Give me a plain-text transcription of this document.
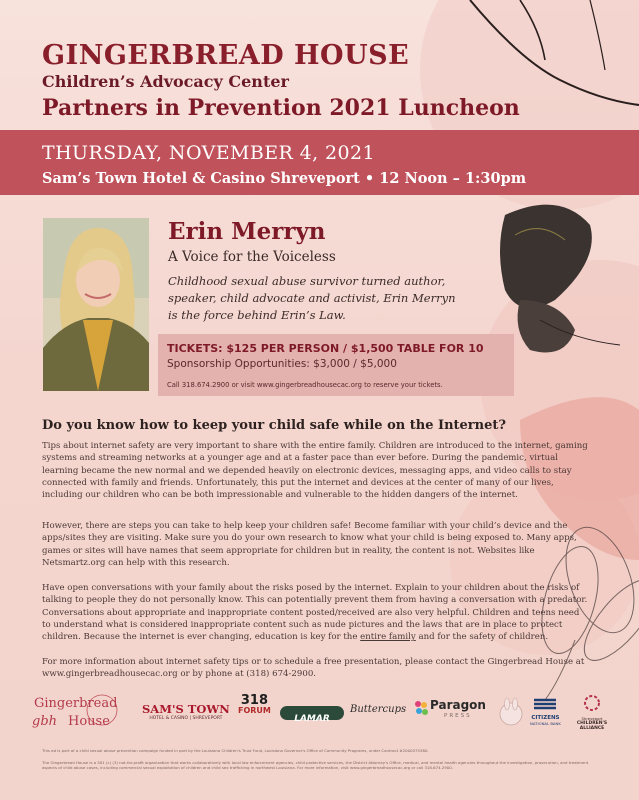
GINGERBREAD HOUSE
Children’s Advocacy Center
Partners in Prevention 2021 Luncheon
THURSDAY, NOVEMBER 4, 2021
Sam’s Town Hotel & Casino Shreveport • 12 Noon – 1:30pm
Erin Merryn
A Voice for the Voiceless
Childhood sexual abuse survivor turned author, speaker, child advocate and activist, Erin Merryn is the force behind Erin’s Law.
TICKETS: $125 PER PERSON / $1,500 TABLE FOR 10
Sponsorship Opportunities: $3,000 / $5,000
Call 318.674.2900 or visit www.gingerbreadhousecac.org to reserve your tickets.
Do you know how to keep your child safe while on the Internet?
Tips about internet safety are very important to share with the entire family. Children are introduced to the internet, gaming systems and streaming networks at a younger age and at a faster pace than ever before. During the pandemic, virtual learning became the new normal and we depended heavily on electronic devices, messaging apps, and video calls to stay connected with family and friends. Unfortunately, this put the internet and devices at the center of many of our lives, including our children who can be both impressionable and vulnerable to the hidden dangers of the internet.
However, there are steps you can take to help keep your children safe! Become familiar with your child’s device and the apps/sites they are visiting. Make sure you do your own research to know what your child is being exposed to. Many apps, games or sites will have names that seem appropriate for children but in reality, the content is not. Websites like Netsmartz.org can help with this research.
Have open conversations with your family about the risks posed by the internet. Explain to your children about the risks of talking to people they do not personally know. This can potentially prevent them from having a conversation with a predator. Conversations about appropriate and inappropriate content posted/received are also very helpful. Children and teens need to understand what is considered inappropriate content such as nude pictures and the laws that are in place to protect children. Because the internet is ever changing, education is key for the entire family and for the safety of children.
For more information about internet safety tips or to schedule a free presentation, please contact the Gingerbread House at www.gingerbreadhousecac.org or by phone at (318) 674-2900.
Gingerbread
gbh House
SAM'S TOWN
HOTEL & CASINO | SHREVEPORT
318
FORUM
LAMAR
Buttercups Paragon
PRESS	CITIZENS
NATIONAL BANK
Shreveport
CHILDREN'S
ALLIANCE
This ad is part of a child sexual abuse prevention campaign funded in part by the Louisiana Children's Trust Fund, Louisiana Governor's Office of Community Programs, under Contract #2000575380.
The Gingerbread House is a 501 (c) (3) not-for-profit organization that works collaboratively with local law enforcement agencies, child protective services, the District Attorney's Office, medical, and mental health agencies throughout the investigation, prosecution, and treatment aspects of child abuse cases, including commercial sexual exploitation of children and child sex trafficking in northwest Louisiana. For more information, visit www.gingerbreadhousecac.org or call 318.674.2900.
